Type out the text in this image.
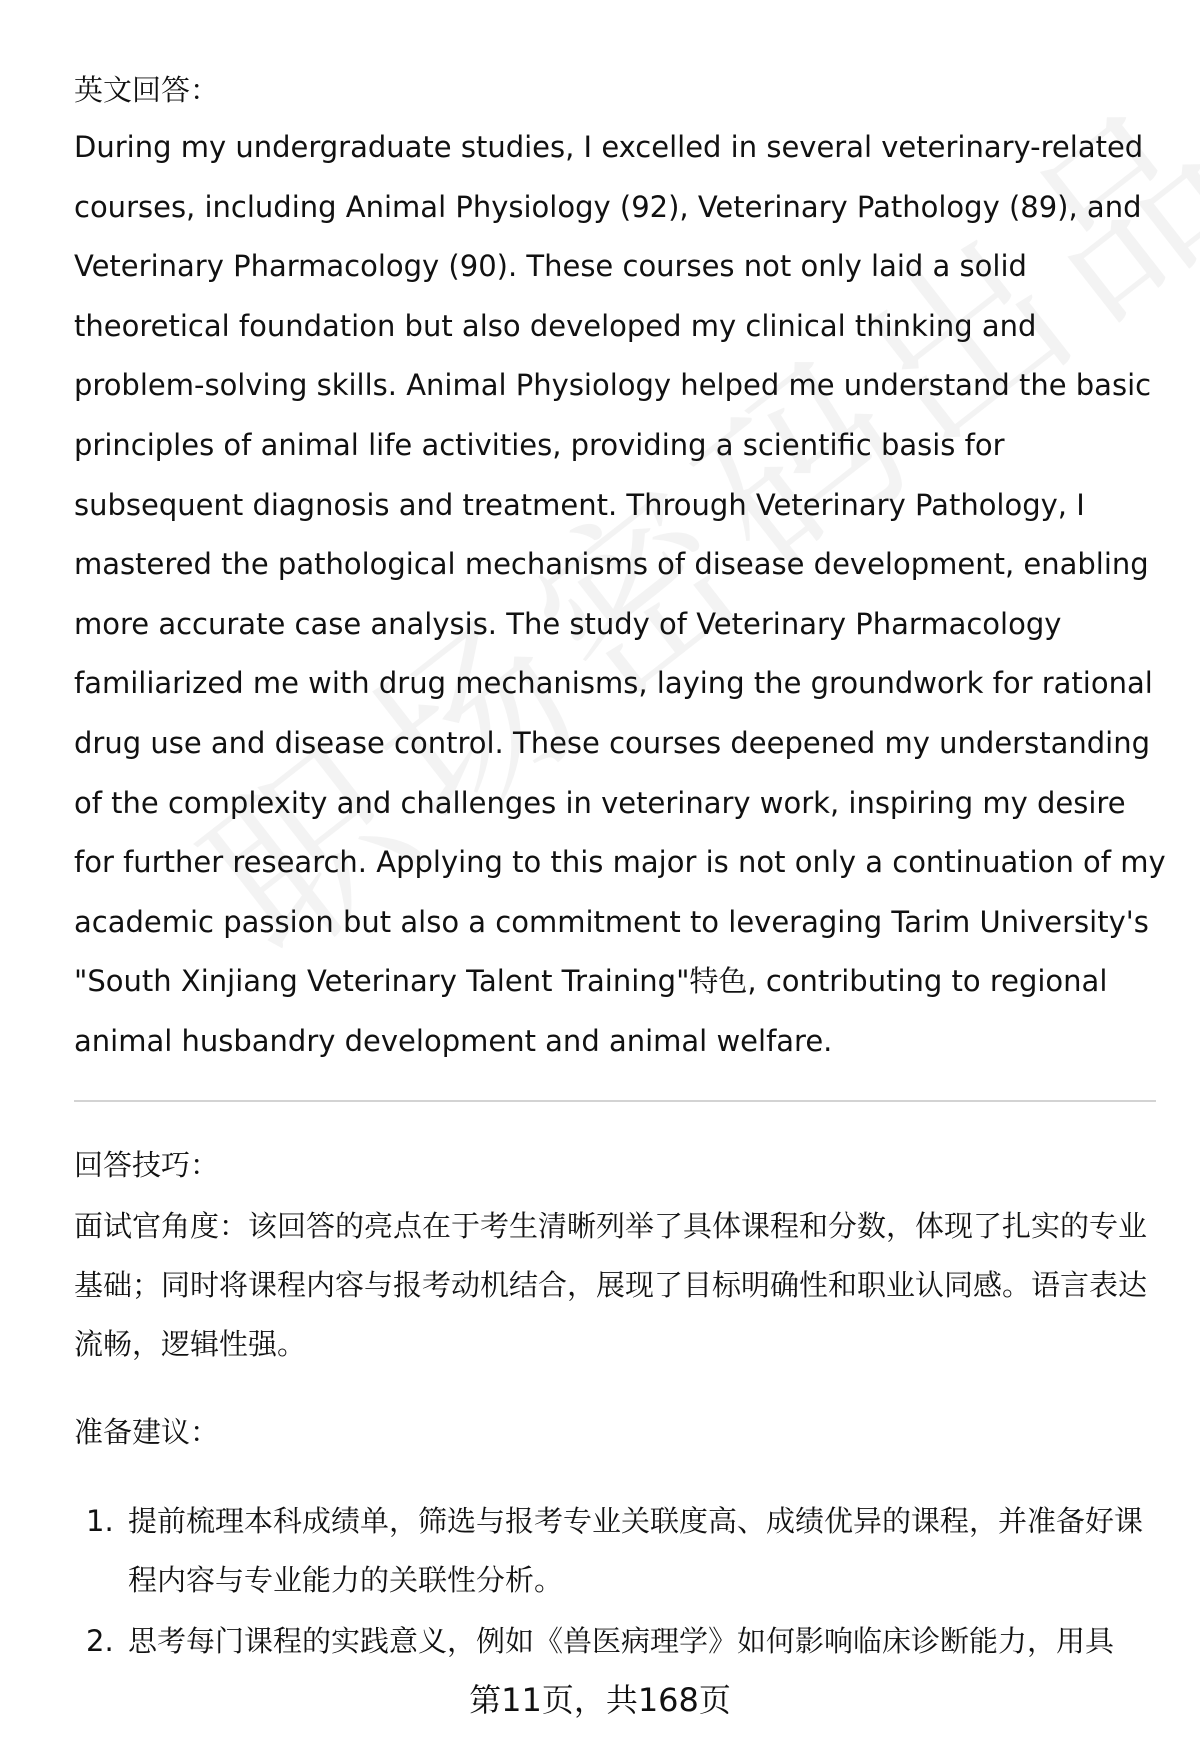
英文回答：

During my undergraduate studies, I excelled in several veterinary-related courses, including Animal Physiology (92), Veterinary Pathology (89), and Veterinary Pharmacology (90). These courses not only laid a solid theoretical foundation but also developed my clinical thinking and problem-solving skills. Animal Physiology helped me understand the basic principles of animal life activities, providing a scientific basis for subsequent diagnosis and treatment. Through Veterinary Pathology, I mastered the pathological mechanisms of disease development, enabling more accurate case analysis. The study of Veterinary Pharmacology familiarized me with drug mechanisms, laying the groundwork for rational drug use and disease control. These courses deepened my understanding of the complexity and challenges in veterinary work, inspiring my desire for further research. Applying to this major is not only a continuation of my academic passion but also a commitment to leveraging Tarim University's "South Xinjiang Veterinary Talent Training"特色, contributing to regional animal husbandry development and animal welfare.

回答技巧：

面试官角度：该回答的亮点在于考生清晰列举了具体课程和分数，体现了扎实的专业基础；同时将课程内容与报考动机结合，展现了目标明确性和职业认同感。语言表达流畅，逻辑性强。

准备建议：

1. 提前梳理本科成绩单，筛选与报考专业关联度高、成绩优异的课程，并准备好课程内容与专业能力的关联性分析。
2. 思考每门课程的实践意义，例如《兽医病理学》如何影响临床诊断能力，用具
第11页，共168页
